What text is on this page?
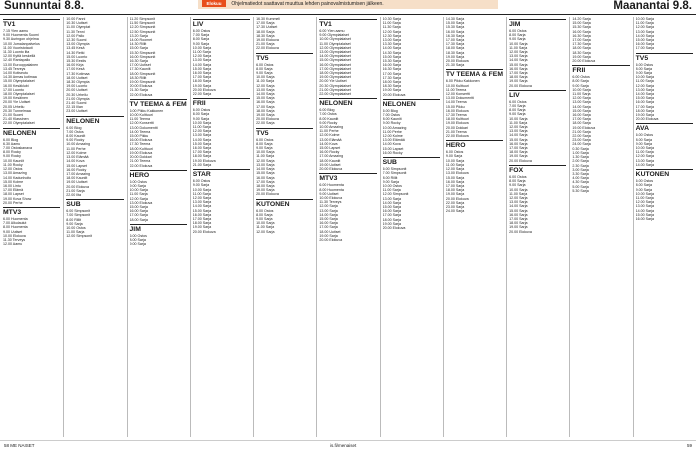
Sunnuntai 8.8.	Elokuu Ohjelmatiedot saattavat muuttua lehden painovalmistumisen jälkeen.	Maanantai 9.8.
TV1
7.15 Ylen aamu
9.00 Huomenta Suomi
9.30 Auringon ohjelma
10.00 Jumalanpalvelus
11.00 Vuoristotauti
11.30 Luonto ilta
12.00 Kyttä keskellä
12.40 Rantapallo
13.00 Eurooppalainen
13.45 Terveys
14.00 Kotiseutu
14.30 Armas kotimaa
15.00 Olympialaiset
16.00 Kesäklubi
17.00 Luonto
18.00 Olympialaiset
19.00 Kesäinen
20.00 Yle Uutiset
20.05 Urheilu
20.30 Tunnelmaa
21.00 Suomi
21.40 Klassinen
22.00 Olympialaiset
NELONEN
6.00 Blog
6.30 Aamu
7.00 Ostoskanava
8.00 Rocky
9.00 Rocky
10.00 Kauniit
11.00 Rocky
12.00 Ostos
13.00 Amazing
14.00 Kadunhoito
15.00 Kolme
16.00 Lintu
17.00 Elämä
18.00 Lapset
19.00 Kova Show
20.00 Perhe
MTV3
6.00 Huomenta
7.00 Alkulaulut
8.00 Huomenta
9.00 Uutiset
10.00 Elokuva
11.30 Terveys
12.00 Aamu
10.00 Fanni
10.30 Uutiset
11.00 Olympiat
11.30 Tenni
12.00 Pallo
12.30 Suomi
13.00 Olympia
13.45 Kesä
14.30 Retki
15.00 Luonto
15.30 Eestis
16.00 Kirja
17.00 Kesä
17.30 Kotimaa
18.00 Uutiset
18.30 Olympia
19.00 Luonto
20.00 Uutiset
20.30 Urheilu
21.00 Olympia
21.40 Suomi
22.15 Illan
23.00 Uutiset
NELONEN
6.00 Blog
7.00 Ostos
8.00 Kauniit
9.00 Rocky
10.00 Amazing
11.00 Perhe
12.00 Kolme
13.00 Elämää
14.00 Kova
15.00 Lapset
16.00 Rocky
17.00 Amazing
18.00 Kauniit
19.00 Uutiset
20.00 Elokuva
21.00 Sarja
22.00 Ilta
SUB
6.00 Simpsonit
7.00 Simpsonit
8.00 Rillit
9.00 Sarja
10.00 Ostos
11.00 Sarja
12.00 Simpsonit
11.20 Simpsonit
11.50 Simpsonit
12.20 Simpsonit
12.50 Simpsonit
13.20 Sarja
14.00 Roomet
14.30 Rillit
15.00 Sarja
15.30 Simpsonit
16.00 Simpsonit
16.30 Sarja
17.00 Uutiset
17.30 Kauniit
18.00 Simpsonit
18.30 Rillit
19.00 Simpsonit
20.00 Elokuva
21.30 Sarja
22.00 Elokuva
TV TEEMA & FEM
6.00 Pikku Kakkonen
10.00 Kulttuuri
11.00 Teema
12.00 Konsertti
13.00 Dokumentti
14.00 Teema
15.00 Pikku
16.00 Elokuva
17.30 Teema
18.00 Kulttuuri
19.00 Elokuva
20.00 Dokkari
21.00 Teema
22.00 Elokuva
HERO
6.00 Ostos
9.00 Sarja
10.00 Sarja
11.00 Sarja
12.00 Sarja
13.00 Elokuva
15.00 Sarja
16.00 Sarja
17.00 Sarja
18.00 Sarja
JIM
6.00 Ostos
8.00 Sarja
9.00 Sarja
LIV
6.00 Ostos
7.00 Sarja
8.00 Sarja
9.00 Sarja
10.00 Sarja
11.00 Sarja
12.00 Sarja
13.00 Sarja
14.00 Sarja
15.00 Sarja
16.00 Sarja
17.00 Sarja
18.00 Sarja
19.00 Sarja
20.00 Elokuva
22.00 Sarja
FRII
6.00 Ostos
8.00 Sarja
9.00 Sarja
10.00 Sarja
11.00 Sarja
12.00 Sarja
13.00 Sarja
14.00 Sarja
15.00 Sarja
16.00 Sarja
17.00 Sarja
18.00 Sarja
19.00 Elokuva
21.00 Sarja
STAR
6.00 Ostos
9.00 Sarja
10.00 Sarja
11.00 Sarja
12.00 Sarja
13.00 Sarja
14.00 Sarja
15.00 Sarja
16.00 Sarja
17.00 Sarja
18.00 Sarja
19.00 Sarja
20.00 Elokuva
16.30 Kummeli
17.00 Sarja
17.30 Uutiset
18.00 Sarja
18.30 Sarja
19.00 Elokuva
21.00 Sarja
22.00 Elokuva
TV5
6.00 Ostos
8.00 Sarja
9.00 Sarja
10.00 Sarja
11.00 Sarja
12.00 Sarja
13.00 Sarja
14.00 Sarja
15.00 Sarja
16.00 Sarja
17.00 Sarja
18.00 Sarja
19.00 Sarja
20.00 Elokuva
22.00 Sarja
TV5
6.00 Ostos
8.00 Sarja
9.00 Sarja
10.00 Sarja
11.00 Sarja
12.00 Sarja
13.00 Sarja
14.00 Sarja
15.00 Sarja
16.00 Sarja
17.00 Sarja
18.00 Sarja
19.00 Sarja
20.00 Elokuva
KUTONEN
6.00 Ostos
8.00 Sarja
9.00 Sarja
10.00 Sarja
11.00 Sarja
12.00 Sarja
TV1
6.00 Ylen aamu
9.00 Olympialaiset
10.00 Olympialaiset
11.00 Olympialaiset
12.00 Olympialaiset
13.00 Olympialaiset
14.00 Olympialaiset
15.00 Olympialaiset
16.00 Olympialaiset
17.00 Olympialaiset
18.00 Olympialaiset
19.00 Olympialaiset
20.00 Yle Uutiset
20.30 Olympialaiset
21.00 Olympialaiset
22.00 Olympialaiset
NELONEN
6.00 Blog
7.00 Ostos
8.00 Kauniit
9.00 Rocky
10.00 Amazing
11.00 Perhe
12.00 Kolme
13.00 Elämää
14.00 Kova
15.00 Lapset
16.00 Rocky
17.00 Amazing
18.00 Kauniit
19.00 Uutiset
20.00 Elokuva
MTV3
6.00 Huomenta
8.00 Huomenta
9.00 Uutiset
10.00 Elokuva
11.30 Terveys
12.00 Sarja
13.00 Sarja
14.00 Sarja
15.00 Sarja
16.00 Sarja
17.00 Sarja
18.00 Uutiset
19.00 Sarja
20.00 Elokuva
10.30 Sarja
11.00 Sarja
11.30 Sarja
12.00 Sarja
12.30 Sarja
13.00 Sarja
13.30 Sarja
14.00 Sarja
14.30 Sarja
15.00 Sarja
15.30 Sarja
16.00 Sarja
16.30 Sarja
17.00 Sarja
17.30 Sarja
18.00 Sarja
18.30 Sarja
19.00 Sarja
20.00 Elokuva
NELONEN
6.00 Blog
7.00 Ostos
8.00 Kauniit
9.00 Rocky
10.00 Amazing
11.00 Perhe
12.00 Kolme
13.00 Elämää
14.00 Kova
15.00 Lapset
16.00 Rocky
SUB
6.00 Simpsonit
7.00 Simpsonit
8.00 Rillit
9.00 Sarja
10.00 Ostos
11.00 Sarja
12.00 Simpsonit
13.00 Sarja
14.00 Sarja
15.00 Sarja
16.00 Sarja
17.00 Sarja
18.00 Sarja
19.00 Sarja
20.00 Elokuva
14.30 Sarja
15.00 Sarja
15.30 Sarja
16.00 Sarja
16.30 Sarja
17.00 Sarja
17.30 Sarja
18.00 Sarja
18.30 Sarja
19.00 Sarja
20.00 Elokuva
21.30 Sarja
TV TEEMA & FEM
6.00 Pikku Kakkonen
10.00 Kulttuuri
11.00 Teema
12.00 Konsertti
13.00 Dokumentti
14.00 Teema
15.00 Pikku
16.00 Elokuva
17.30 Teema
18.00 Kulttuuri
19.00 Elokuva
20.00 Dokkari
21.00 Teema
22.00 Elokuva
HERO
6.00 Ostos
9.00 Sarja
10.00 Sarja
11.00 Sarja
12.00 Sarja
13.00 Elokuva
15.00 Sarja
16.00 Sarja
17.00 Sarja
18.00 Sarja
19.00 Sarja
20.00 Elokuva
22.00 Sarja
23.00 Sarja
24.00 Sarja
JIM
6.00 Ostos
8.00 Sarja
9.00 Sarja
10.00 Sarja
11.00 Sarja
12.00 Sarja
13.00 Sarja
14.00 Sarja
15.00 Sarja
16.00 Sarja
17.00 Sarja
18.00 Sarja
19.00 Sarja
20.00 Elokuva
LIV
6.00 Ostos
7.00 Sarja
8.00 Sarja
9.00 Sarja
10.00 Sarja
11.00 Sarja
12.00 Sarja
13.00 Sarja
14.00 Sarja
15.00 Sarja
16.00 Sarja
17.00 Sarja
18.00 Sarja
19.00 Sarja
20.00 Elokuva
FOX
6.00 Ostos
8.00 Sarja
9.00 Sarja
10.00 Sarja
11.00 Sarja
12.00 Sarja
13.00 Sarja
14.00 Sarja
15.00 Sarja
16.00 Sarja
17.00 Sarja
18.00 Sarja
19.00 Sarja
20.00 Elokuva
14.20 Sarja
15.00 Sarja
15.30 Sarja
16.00 Sarja
16.30 Sarja
17.00 Sarja
17.30 Sarja
18.00 Sarja
18.30 Sarja
19.00 Sarja
20.00 Elokuva
FRII
6.00 Ostos
8.00 Sarja
9.00 Sarja
10.00 Sarja
11.00 Sarja
12.00 Sarja
13.00 Sarja
14.00 Sarja
15.00 Sarja
16.00 Sarja
17.00 Sarja
18.00 Sarja
19.00 Elokuva
21.00 Sarja
22.00 Sarja
23.00 Sarja
24.00 Sarja
0.30 Sarja
1.00 Sarja
1.30 Sarja
2.00 Sarja
2.30 Sarja
3.00 Sarja
3.30 Sarja
4.00 Sarja
4.30 Sarja
5.00 Sarja
5.30 Sarja
10.00 Sarja
11.00 Sarja
12.00 Sarja
13.00 Sarja
14.00 Sarja
15.00 Sarja
16.00 Sarja
17.00 Sarja
TV5
6.00 Ostos
8.00 Sarja
9.00 Sarja
10.00 Sarja
11.00 Sarja
12.00 Sarja
13.00 Sarja
14.00 Sarja
15.00 Sarja
16.00 Sarja
17.00 Sarja
18.00 Sarja
19.00 Sarja
20.00 Elokuva
AVA
6.00 Ostos
8.00 Sarja
9.00 Sarja
10.00 Sarja
11.00 Sarja
12.00 Sarja
13.00 Sarja
14.00 Sarja
KUTONEN
6.00 Ostos
8.00 Sarja
9.00 Sarja
10.00 Sarja
11.00 Sarja
12.00 Sarja
13.00 Sarja
14.00 Sarja
15.00 Sarja
16.00 Sarja
58 ME NAISET	is.fi/menaiset	59
